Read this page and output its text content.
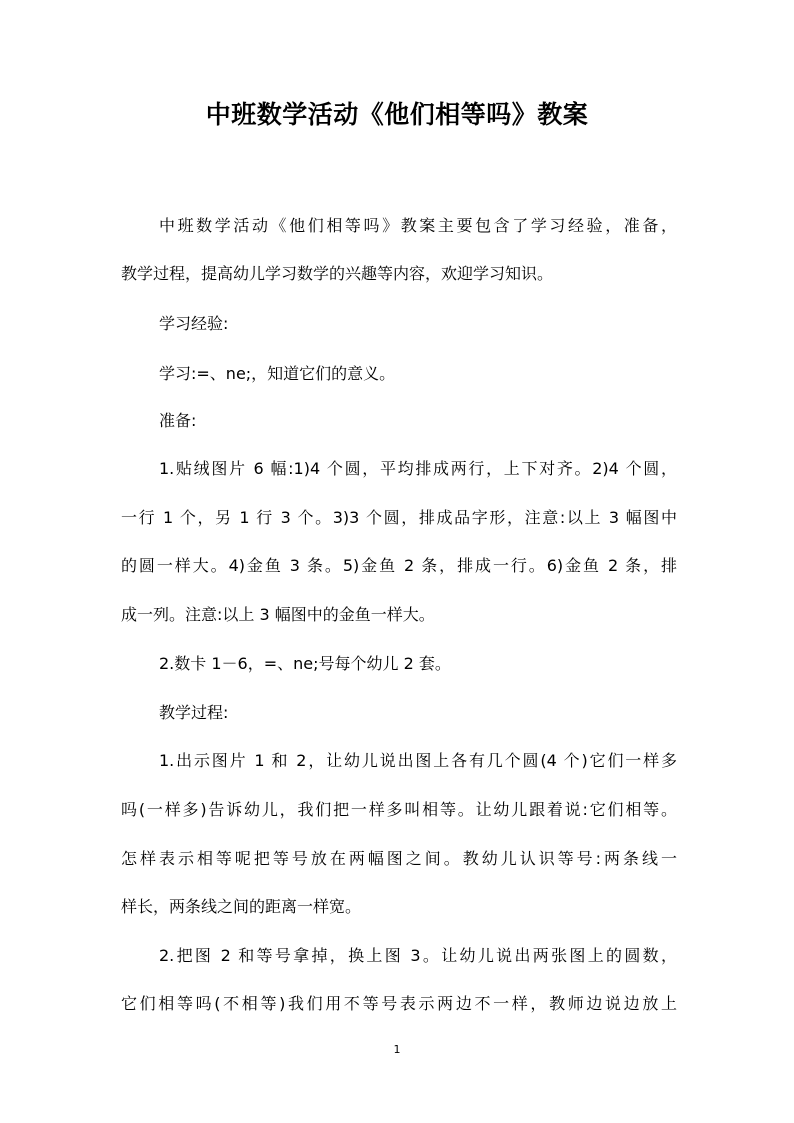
中班数学活动《他们相等吗》教案

中班数学活动《他们相等吗》教案主要包含了学习经验，准备，

教学过程，提高幼儿学习数学的兴趣等内容，欢迎学习知识。

学习经验:

学习:=、ne;，知道它们的意义。

准备:

1.贴绒图片 6 幅:1)4 个圆，平均排成两行，上下对齐。2)4 个圆，

一行 1 个，另 1 行 3 个。3)3 个圆，排成品字形，注意:以上 3 幅图中

的圆一样大。4)金鱼 3 条。5)金鱼 2 条，排成一行。6)金鱼 2 条，排

成一列。注意:以上 3 幅图中的金鱼一样大。

2.数卡 1－6，=、ne;号每个幼儿 2 套。

教学过程:

1.出示图片 1 和 2，让幼儿说出图上各有几个圆(4 个)它们一样多

吗(一样多)告诉幼儿，我们把一样多叫相等。让幼儿跟着说:它们相等。

怎样表示相等呢把等号放在两幅图之间。教幼儿认识等号:两条线一

样长，两条线之间的距离一样宽。

2.把图 2 和等号拿掉，换上图 3。让幼儿说出两张图上的圆数，

它们相等吗(不相等)我们用不等号表示两边不一样，教师边说边放上

1
